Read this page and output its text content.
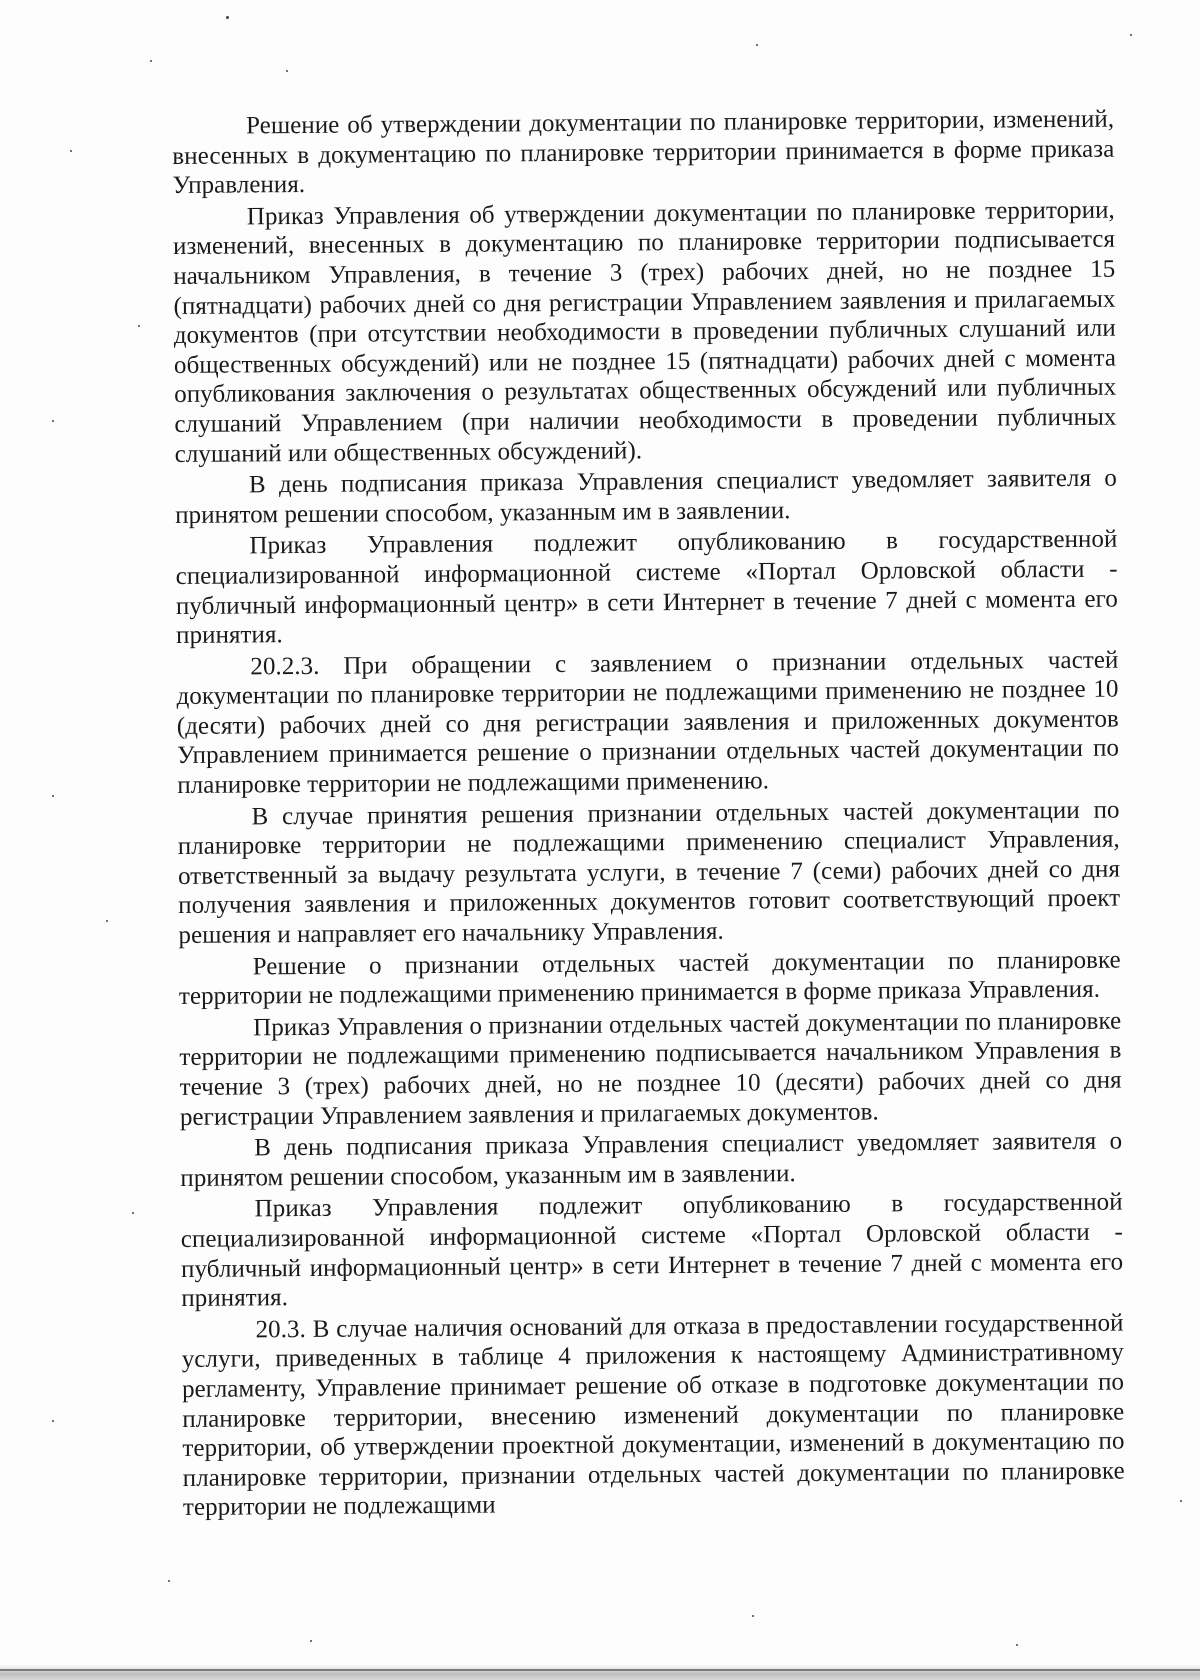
Решение об утверждении документации по планировке территории, изменений, внесенных в документацию по планировке территории принимается в форме приказа Управления.

Приказ Управления об утверждении документации по планировке территории, изменений, внесенных в документацию по планировке территории подписывается начальником Управления, в течение 3 (трех) рабочих дней, но не позднее 15 (пятнадцати) рабочих дней со дня регистрации Управлением заявления и прилагаемых документов (при отсутствии необходимости в проведении публичных слушаний или общественных обсуждений) или не позднее 15 (пятнадцати) рабочих дней с момента опубликования заключения о результатах общественных обсуждений или публичных слушаний Управлением (при наличии необходимости в проведении публичных слушаний или общественных обсуждений).

В день подписания приказа Управления специалист уведомляет заявителя о принятом решении способом, указанным им в заявлении.

Приказ Управления подлежит опубликованию в государственной специализированной информационной системе «Портал Орловской области - публичный информационный центр» в сети Интернет в течение 7 дней с момента его принятия.

20.2.3. При обращении с заявлением о признании отдельных частей документации по планировке территории не подлежащими применению не позднее 10 (десяти) рабочих дней со дня регистрации заявления и приложенных документов Управлением принимается решение о признании отдельных частей документации по планировке территории не подлежащими применению.

В случае принятия решения признании отдельных частей документации по планировке территории не подлежащими применению специалист Управления, ответственный за выдачу результата услуги, в течение 7 (семи) рабочих дней со дня получения заявления и приложенных документов готовит соответствующий проект решения и направляет его начальнику Управления.

Решение о признании отдельных частей документации по планировке территории не подлежащими применению принимается в форме приказа Управления.

Приказ Управления о признании отдельных частей документации по планировке территории не подлежащими применению подписывается начальником Управления в течение 3 (трех) рабочих дней, но не позднее 10 (десяти) рабочих дней со дня регистрации Управлением заявления и прилагаемых документов.

В день подписания приказа Управления специалист уведомляет заявителя о принятом решении способом, указанным им в заявлении.

Приказ Управления подлежит опубликованию в государственной специализированной информационной системе «Портал Орловской области - публичный информационный центр» в сети Интернет в течение 7 дней с момента его принятия.

20.3. В случае наличия оснований для отказа в предоставлении государственной услуги, приведенных в таблице 4 приложения к настоящему Административному регламенту, Управление принимает решение об отказе в подготовке документации по планировке территории, внесению изменений документации по планировке территории, об утверждении проектной документации, изменений в документацию по планировке территории, признании отдельных частей документации по планировке территории не подлежащими
